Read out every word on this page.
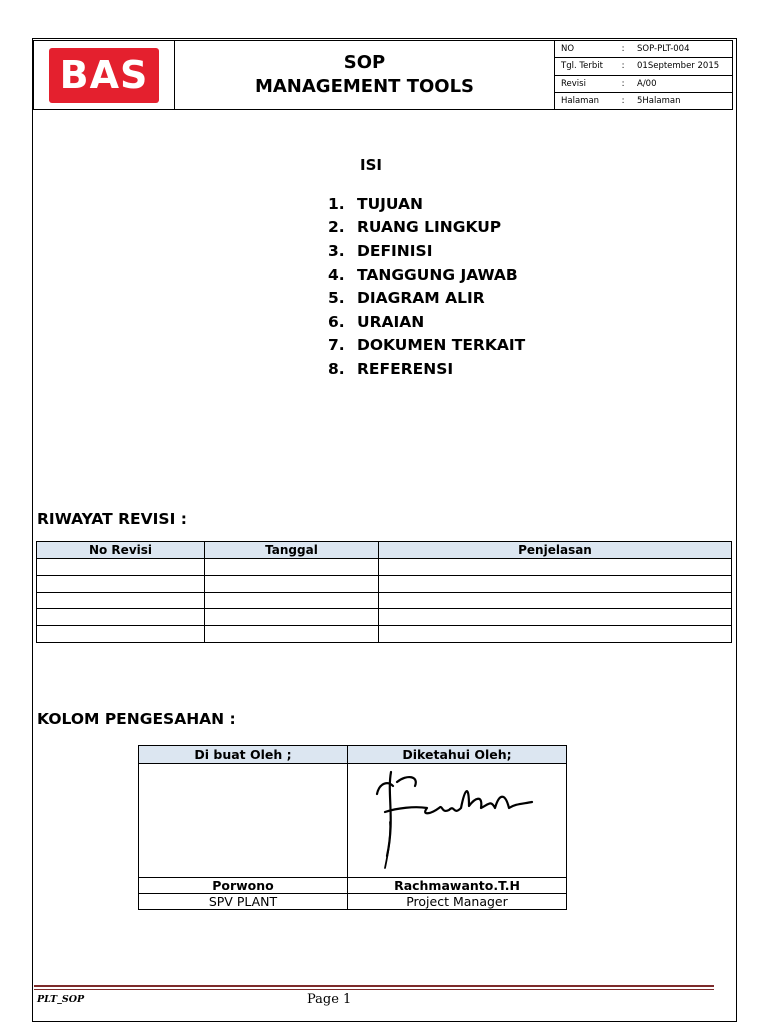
BAS	SOP
MANAGEMENT TOOLS
NO	:	SOP-PLT-004
Tgl. Terbit	:	01September 2015
Revisi	:	A/00
Halaman	:	5Halaman
ISI
1. TUJUAN
2. RUANG LINGKUP
3. DEFINISI
4. TANGGUNG JAWAB
5. DIAGRAM ALIR
6. URAIAN
7. DOKUMEN TERKAIT
8. REFERENSI
RIWAYAT REVISI :
No Revisi	Tanggal	Penjelasan

KOLOM PENGESAHAN :
Di buat Oleh ;	Diketahui Oleh;

Porwono	Rachmawanto.T.H
SPV PLANT	Project Manager
PLT_SOP	Page 1
